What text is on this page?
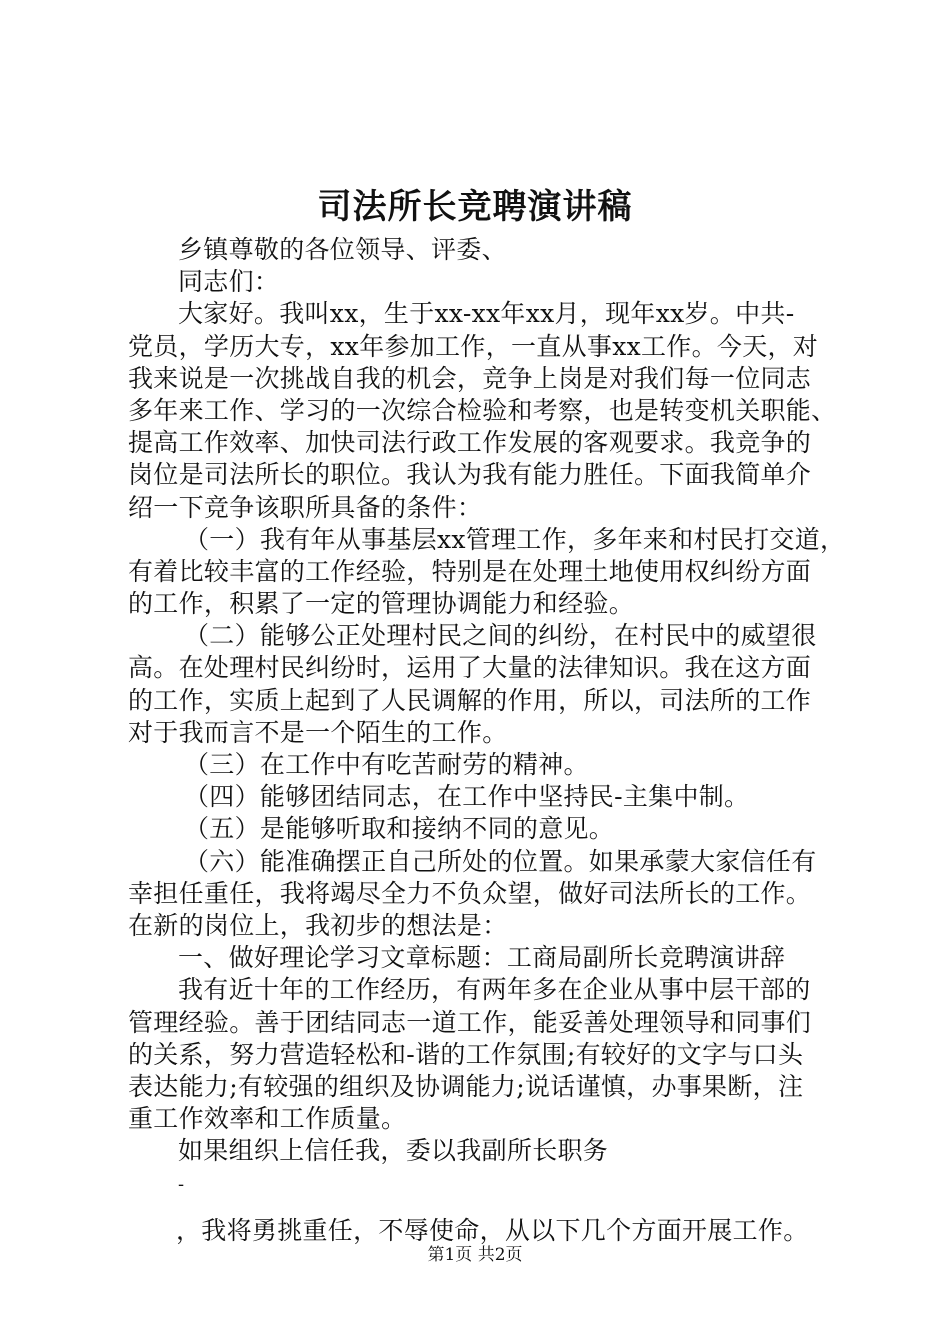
司法所长竞聘演讲稿
乡镇尊敬的各位领导、评委、
同志们：
大家好。我叫xx，生于xx-xx年xx月，现年xx岁。中共-
党员，学历大专，xx年参加工作，一直从事xx工作。今天，对
我来说是一次挑战自我的机会，竞争上岗是对我们每一位同志
多年来工作、学习的一次综合检验和考察，也是转变机关职能、
提高工作效率、加快司法行政工作发展的客观要求。我竞争的
岗位是司法所长的职位。我认为我有能力胜任。下面我简单介
绍一下竞争该职所具备的条件：
（一）我有年从事基层xx管理工作，多年来和村民打交道，
有着比较丰富的工作经验，特别是在处理土地使用权纠纷方面
的工作，积累了一定的管理协调能力和经验。
（二）能够公正处理村民之间的纠纷，在村民中的威望很
高。在处理村民纠纷时，运用了大量的法律知识。我在这方面
的工作，实质上起到了人民调解的作用，所以，司法所的工作
对于我而言不是一个陌生的工作。
（三）在工作中有吃苦耐劳的精神。
（四）能够团结同志，在工作中坚持民-主集中制。
（五）是能够听取和接纳不同的意见。
（六）能准确摆正自己所处的位置。如果承蒙大家信任有
幸担任重任，我将竭尽全力不负众望，做好司法所长的工作。
在新的岗位上，我初步的想法是：
一、做好理论学习文章标题：工商局副所长竞聘演讲辞
我有近十年的工作经历，有两年多在企业从事中层干部的
管理经验。善于团结同志一道工作，能妥善处理领导和同事们
的关系，努力营造轻松和-谐的工作氛围;有较好的文字与口头
表达能力;有较强的组织及协调能力;说话谨慎，办事果断，注
重工作效率和工作质量。
如果组织上信任我，委以我副所长职务
-
，我将勇挑重任，不辱使命，从以下几个方面开展工作。
第1页 共2页
